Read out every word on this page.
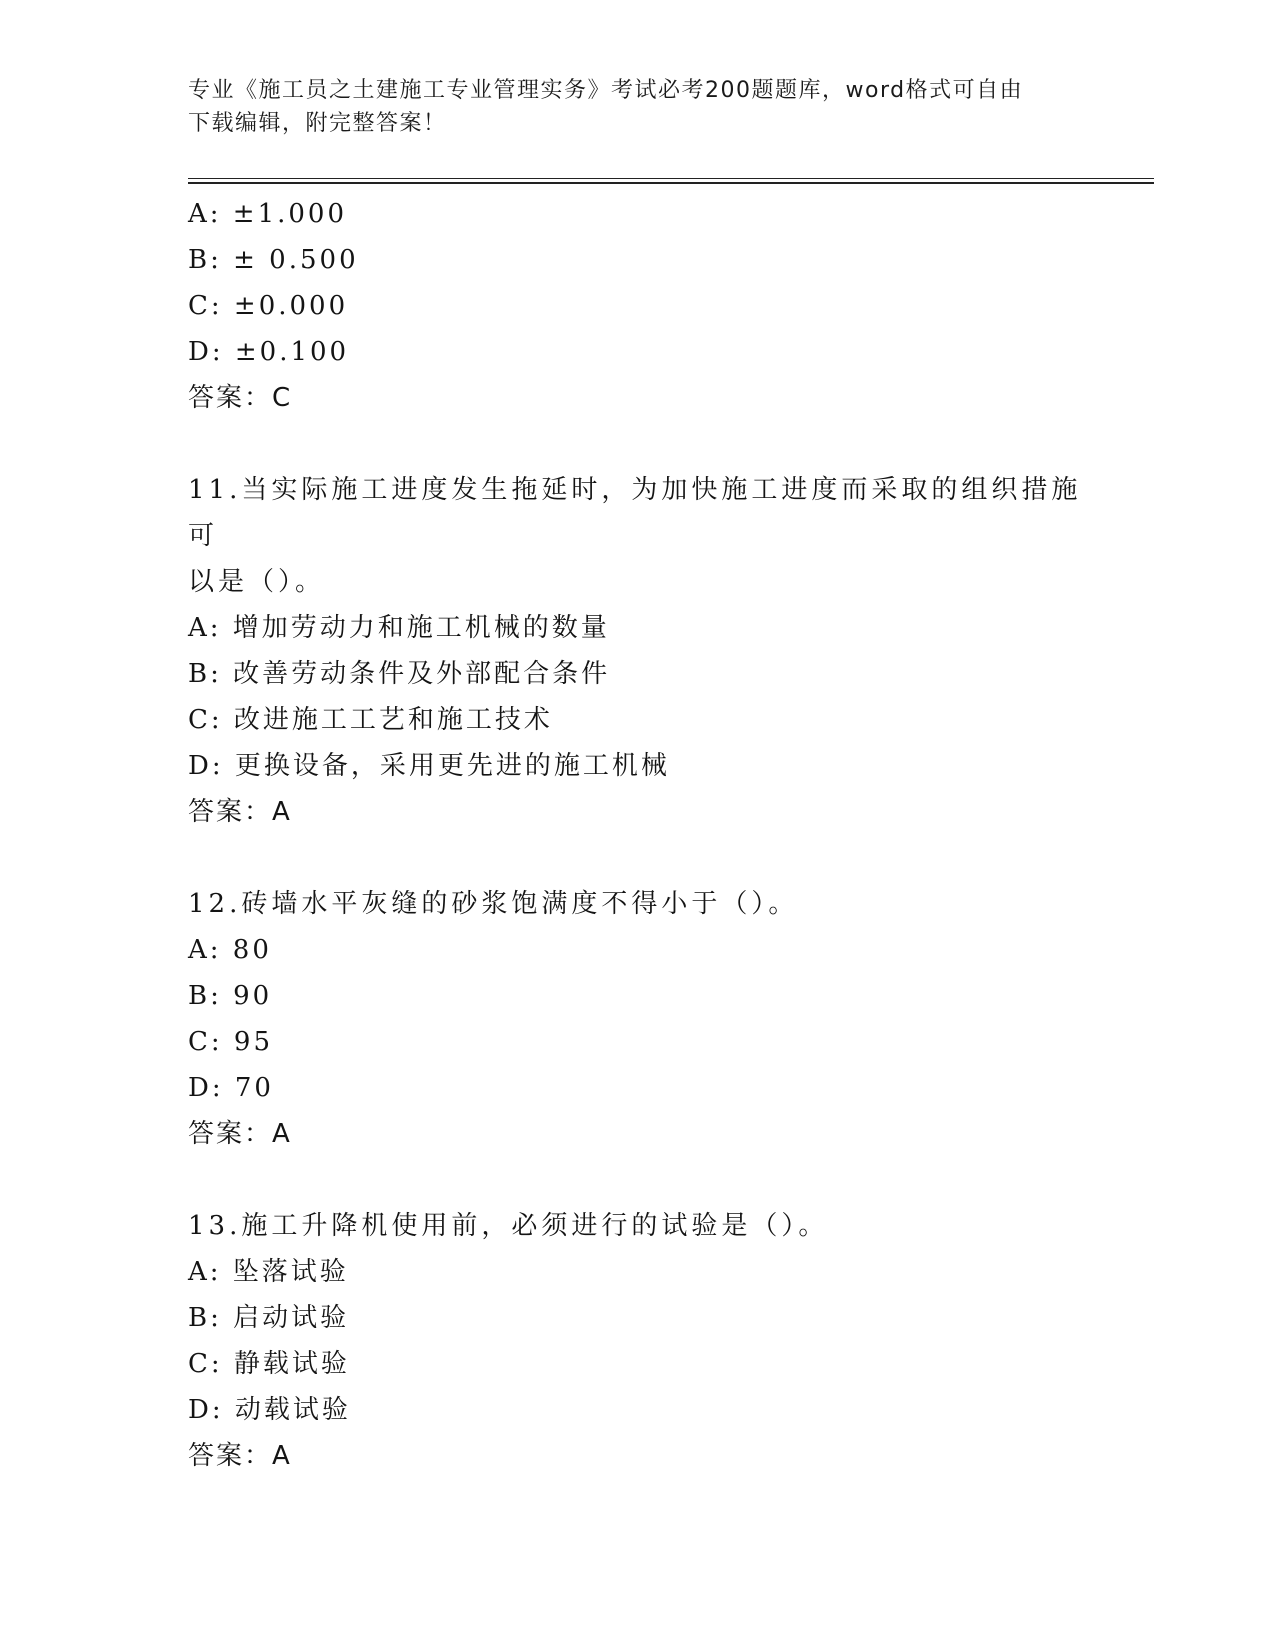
专业《施工员之土建施工专业管理实务》考试必考200题题库，word格式可自由
下载编辑，附完整答案！
A: ±1.000
B: ± 0.500
C: ±0.000
D: ±0.100
答案：C
11.当实际施工进度发生拖延时，为加快施工进度而采取的组织措施可
以是（）。
A: 增加劳动力和施工机械的数量
B: 改善劳动条件及外部配合条件
C: 改进施工工艺和施工技术
D: 更换设备，采用更先进的施工机械
答案：A
12.砖墙水平灰缝的砂浆饱满度不得小于（）。
A: 80
B: 90
C: 95
D: 70
答案：A
13.施工升降机使用前，必须进行的试验是（）。
A: 坠落试验
B: 启动试验
C: 静载试验
D: 动载试验
答案：A
